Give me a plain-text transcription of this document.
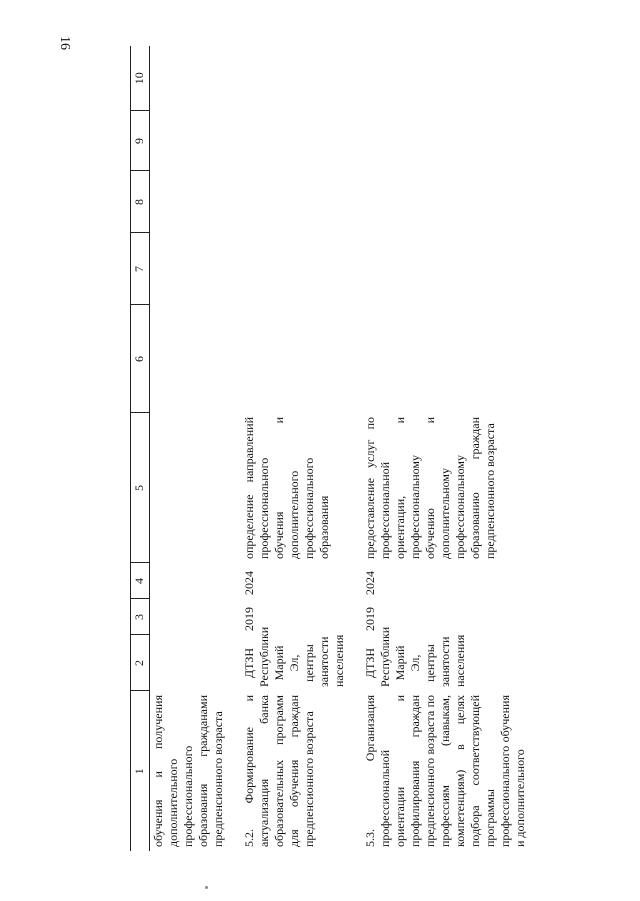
16
1	2	3	4	5	6	7	8	9	10
обучения и получения дополнительного профессионального образования гражданами предпенсионного возраста									

5.2. Формирование и актуализация банка образовательных программ для обучения граждан предпенсионного возраста	ДТЗН Республики Марий Эл, центры занятости населения	2019	2024	определение направлений профессионального обучения и дополнительного профессионального образования					

5.3. Организация профессиональной ориентации и профилирования граждан предпенсионного возраста по профессиям (навыкам, компетенциям) в целях подбора соответствующей программы профессионального обучения и дополнительного	ДТЗН Республики Марий Эл, центры занятости населения	2019	2024	предоставление услуг по профессиональной ориентации, и профессиональному обучению и дополнительному профессиональному образованию граждан предпенсионного возраста					
